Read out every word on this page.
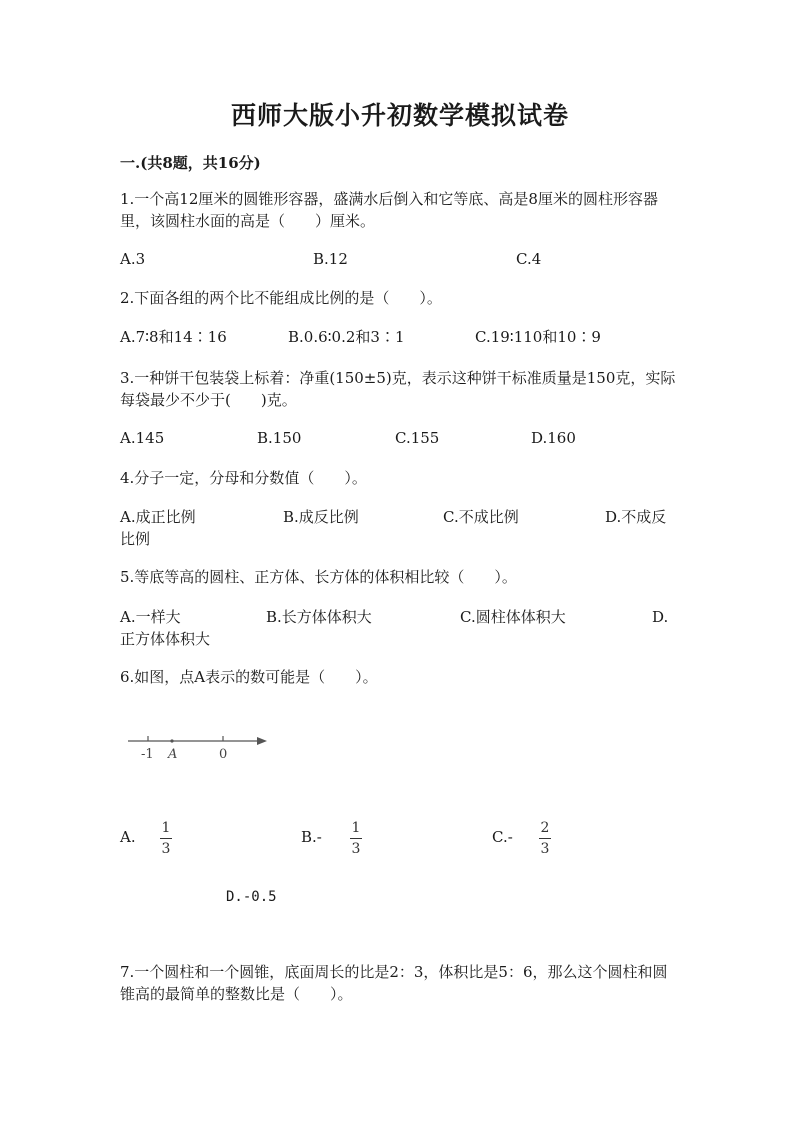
西师大版小升初数学模拟试卷
一.(共8题，共16分)
1.一个高12厘米的圆锥形容器，盛满水后倒入和它等底、高是8厘米的圆柱形容器里，该圆柱水面的高是（　　）厘米。
A.3	B.12	C.4
2.下面各组的两个比不能组成比例的是（　　）。
A.7∶8和14∶16	B.0.6∶0.2和3∶1	C.19∶110和10∶9
3.一种饼干包装袋上标着：净重(150±5)克，表示这种饼干标准质量是150克，实际每袋最少不少于(　　)克。
A.145	B.150	C.155	D.160
4.分子一定，分母和分数值（　　）。
A.成正比例	B.成反比例	C.不成比例	D.不成反
比例
5.等底等高的圆柱、正方体、长方体的体积相比较（　　）。
A.一样大	B.长方体体积大	C.圆柱体体积大	D.
正方体体积大
6.如图，点A表示的数可能是（　　）。
-1 A	0
A. 1
3
B.- 1
3
C.- 2
3
D.-0.5
7.一个圆柱和一个圆锥，底面周长的比是2：3，体积比是5：6，那么这个圆柱和圆锥高的最简单的整数比是（　　）。
